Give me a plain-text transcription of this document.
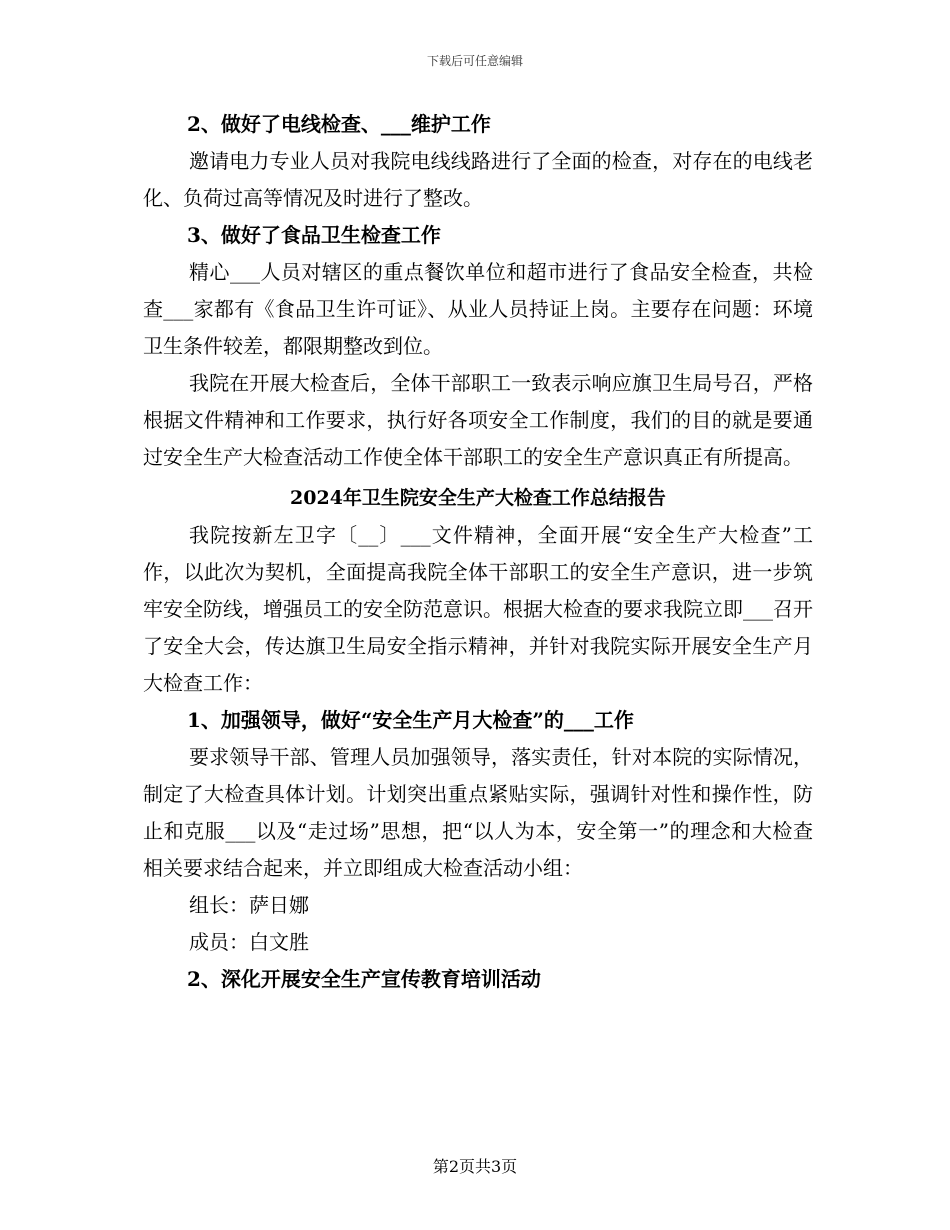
下载后可任意编辑

2、做好了电线检查、___维护工作

邀请电力专业人员对我院电线线路进行了全面的检查，对存在的电线老化、负荷过高等情况及时进行了整改。

3、做好了食品卫生检查工作

精心___人员对辖区的重点餐饮单位和超市进行了食品安全检查，共检查___家都有《食品卫生许可证》、从业人员持证上岗。主要存在问题：环境卫生条件较差，都限期整改到位。

我院在开展大检查后，全体干部职工一致表示响应旗卫生局号召，严格根据文件精神和工作要求，执行好各项安全工作制度，我们的目的就是要通过安全生产大检查活动工作使全体干部职工的安全生产意识真正有所提高。

2024年卫生院安全生产大检查工作总结报告

我院按新左卫字〔__〕___文件精神，全面开展“安全生产大检查”工作，以此次为契机，全面提高我院全体干部职工的安全生产意识，进一步筑牢安全防线，增强员工的安全防范意识。根据大检查的要求我院立即___召开了安全大会，传达旗卫生局安全指示精神，并针对我院实际开展安全生产月大检查工作：

1、加强领导，做好“安全生产月大检查”的___工作

要求领导干部、管理人员加强领导，落实责任，针对本院的实际情况，制定了大检查具体计划。计划突出重点紧贴实际，强调针对性和操作性，防止和克服___以及“走过场”思想，把“以人为本，安全第一”的理念和大检查相关要求结合起来，并立即组成大检查活动小组：

组长：萨日娜

成员：白文胜

2、深化开展安全生产宣传教育培训活动

第2页共3页
